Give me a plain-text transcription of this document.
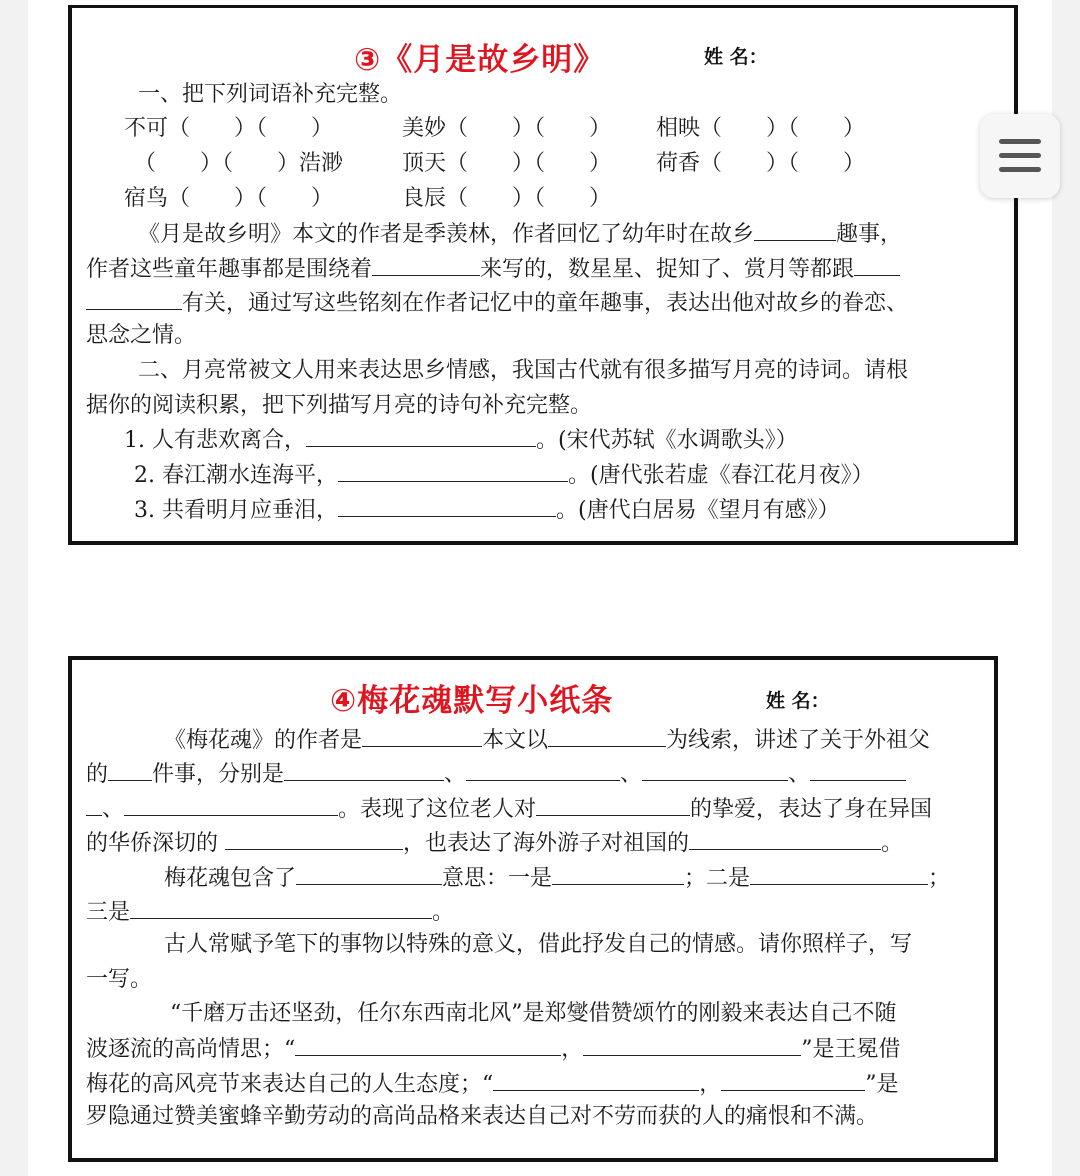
③《月是故乡明》	姓 名：
一、把下列词语补充完整。
不可（　　）（　　）	美妙（　　）（　　） 相映（　　）（　　）
（　　）（　　）浩渺	顶天（　　）（　　） 荷香（　　）（　　）
宿鸟（　　）（　　）	良辰（　　）（　　）
《月是故乡明》本文的作者是季羡林，作者回忆了幼年时在故乡	趣事，
作者这些童年趣事都是围绕着	来写的，数星星、捉知了、赏月等都跟
有关，通过写这些铭刻在作者记忆中的童年趣事，表达出他对故乡的眷恋、
思念之情。
二、月亮常被文人用来表达思乡情感，我国古代就有很多描写月亮的诗词。请根
据你的阅读积累，把下列描写月亮的诗句补充完整。
1. 人有悲欢离合，	。(宋代苏轼《水调歌头》）
2. 春江潮水连海平，	。(唐代张若虚《春江花月夜》）
3. 共看明月应垂泪，	。(唐代白居易《望月有感》）
④梅花魂默写小纸条	姓 名：
《梅花魂》的作者是	本文以	为线索，讲述了关于外祖父
的 件事，分别是	、	、	、
、	。表现了这位老人对	的挚爱，表达了身在异国
的华侨深切的	，也表达了海外游子对祖国的	。
梅花魂包含了	意思：一是	；二是	；
三是	。
古人常赋予笔下的事物以特殊的意义，借此抒发自己的情感。请你照样子，写
一写。
“千磨万击还坚劲，任尔东西南北风”是郑燮借赞颂竹的刚毅来表达自己不随
波逐流的高尚情思；“	，	”是王冕借
梅花的高风亮节来表达自己的人生态度；“	，	”是
罗隐通过赞美蜜蜂辛勤劳动的高尚品格来表达自己对不劳而获的人的痛恨和不满。
